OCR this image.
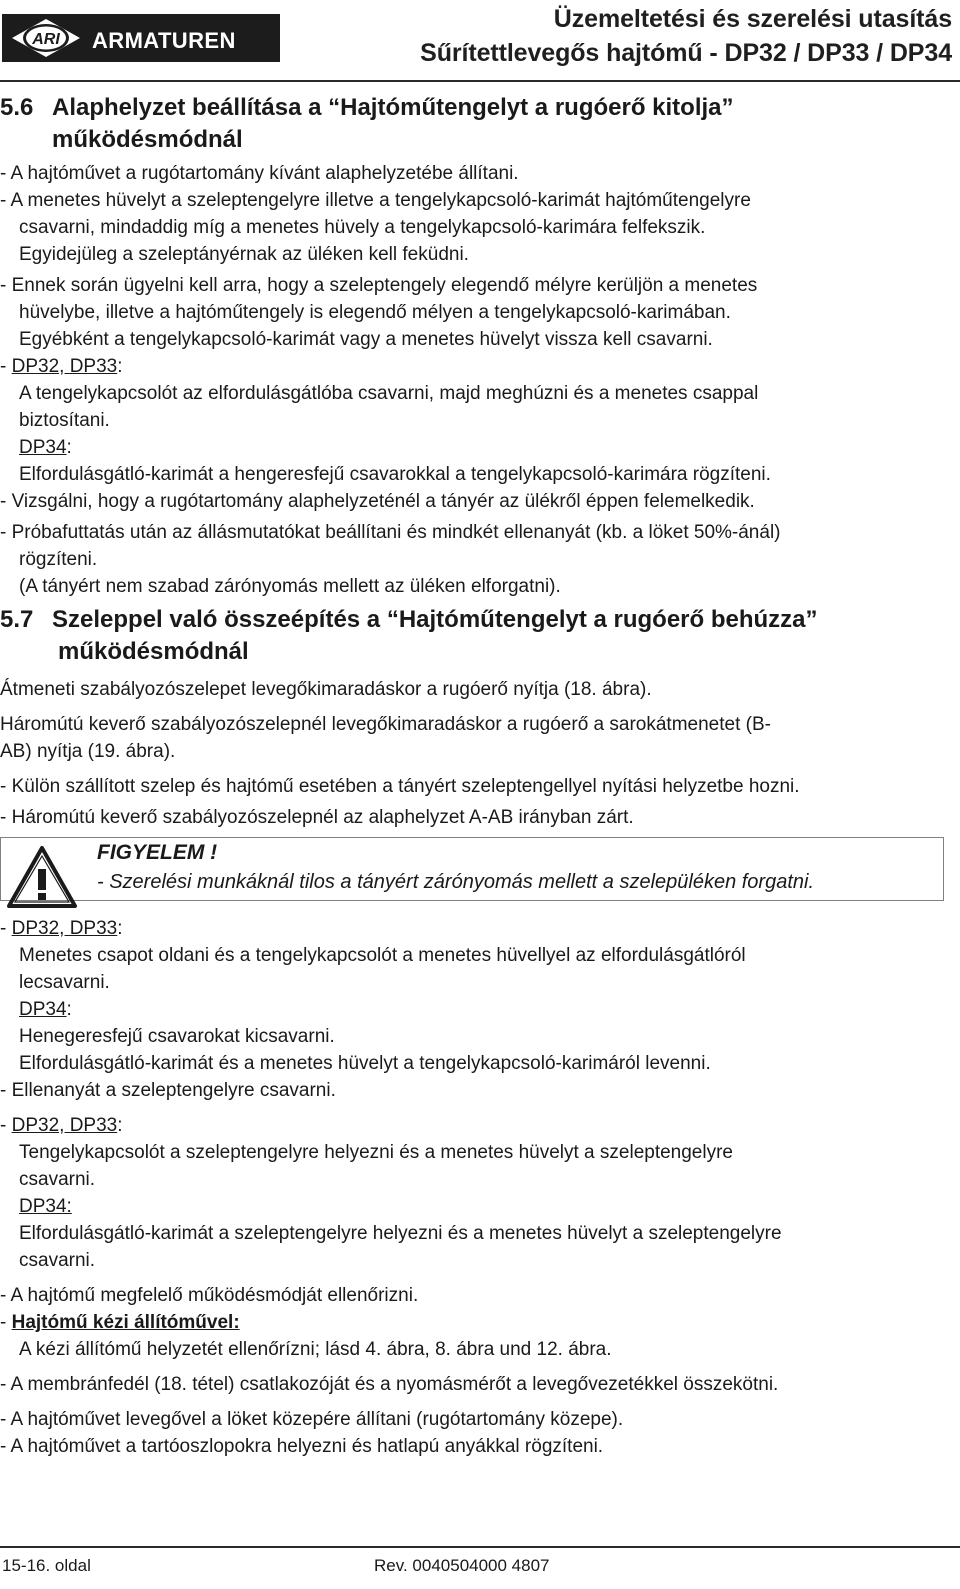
ARI ARMATUREN
Üzemeltetési és szerelési utasítás
Sűrítettlevegős hajtómű - DP32 / DP33 / DP34
5.6 Alaphelyzet beállítása a “Hajtóműtengelyt a rugóerő kitolja”
működésmódnál

- A hajtóművet a rugótartomány kívánt alaphelyzetébe állítani.

- A menetes hüvelyt a szeleptengelyre illetve a tengelykapcsoló-karimát hajtóműtengelyre

csavarni, mindaddig míg a menetes hüvely a tengelykapcsoló-karimára felfekszik.

Egyidejüleg a szeleptányérnak az üléken kell feküdni.

- Ennek során ügyelni kell arra, hogy a szeleptengely elegendő mélyre kerüljön a menetes

hüvelybe, illetve a hajtóműtengely is elegendő mélyen a tengelykapcsoló-karimában.

Egyébként a tengelykapcsoló-karimát vagy a menetes hüvelyt vissza kell csavarni.

- DP32, DP33:

A tengelykapcsolót az elfordulásgátlóba csavarni, majd meghúzni és a menetes csappal

biztosítani.

DP34:

Elfordulásgátló-karimát a hengeresfejű csavarokkal a tengelykapcsoló-karimára rögzíteni.

- Vizsgálni, hogy a rugótartomány alaphelyzeténél a tányér az ülékről éppen felemelkedik.

- Próbafuttatás után az állásmutatókat beállítani és mindkét ellenanyát (kb. a löket 50%-ánál)

rögzíteni.

(A tányért nem szabad zárónyomás mellett az üléken elforgatni).

5.7 Szeleppel való összeépítés a “Hajtóműtengelyt a rugóerő behúzza”
működésmódnál

Átmeneti szabályozószelepet levegőkimaradáskor a rugóerő nyítja (18. ábra).

Háromútú keverő szabályozószelepnél levegőkimaradáskor a rugóerő a sarokátmenetet (B-

AB) nyítja (19. ábra).

- Külön szállított szelep és hajtómű esetében a tányért szeleptengellyel nyítási helyzetbe hozni.

- Háromútú keverő szabályozószelepnél az alaphelyzet A-AB irányban zárt.

FIGYELEM !
- Szerelési munkáknál tilos a tányért zárónyomás mellett a szelepüléken forgatni.

- DP32, DP33:

Menetes csapot oldani és a tengelykapcsolót a menetes hüvellyel az elfordulásgátlóról

lecsavarni.

DP34:

Henegeresfejű csavarokat kicsavarni.

Elfordulásgátló-karimát és a menetes hüvelyt a tengelykapcsoló-karimáról levenni.

- Ellenanyát a szeleptengelyre csavarni.

- DP32, DP33:

Tengelykapcsolót a szeleptengelyre helyezni és a menetes hüvelyt a szeleptengelyre

csavarni.

DP34:

Elfordulásgátló-karimát a szeleptengelyre helyezni és a menetes hüvelyt a szeleptengelyre

csavarni.

- A hajtómű megfelelő működésmódját ellenőrizni.

- Hajtómű kézi állítóművel:

A kézi állítómű helyzetét ellenőrízni; lásd 4. ábra, 8. ábra und 12. ábra.

- A membránfedél (18. tétel) csatlakozóját és a nyomásmérőt a levegővezetékkel összekötni.

- A hajtóművet levegővel a löket közepére állítani (rugótartomány közepe).

- A hajtóművet a tartóoszlopokra helyezni és hatlapú anyákkal rögzíteni.

15-16. oldal	Rev. 0040504000 4807
